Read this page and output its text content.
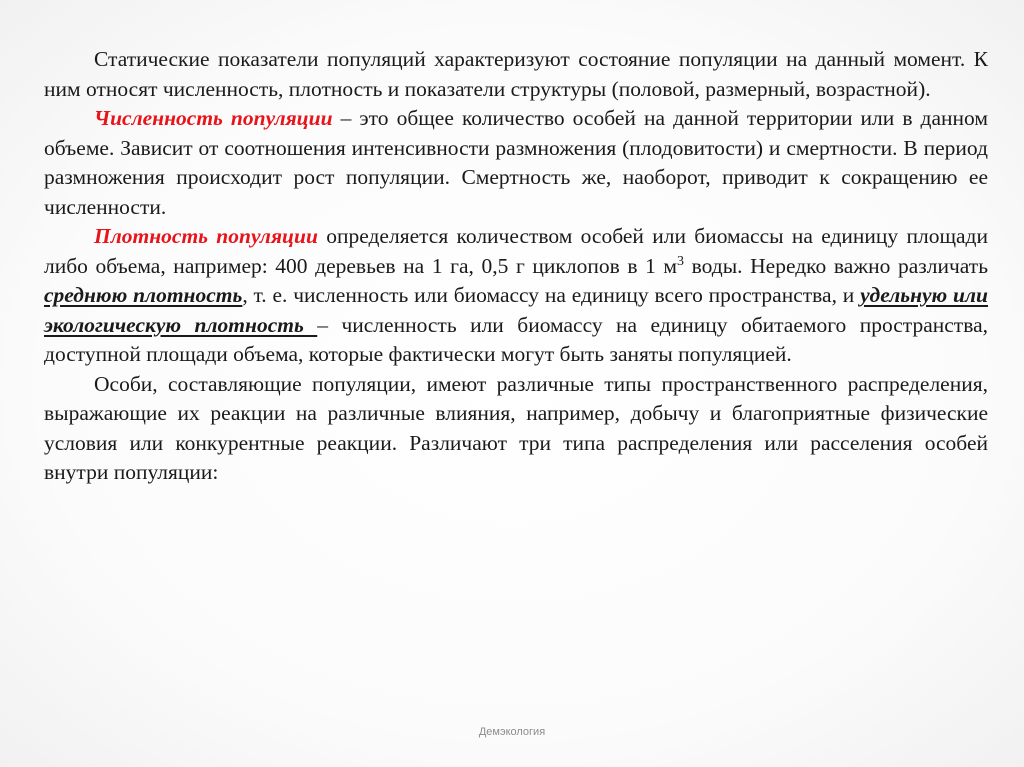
Статические показатели популяций характеризуют состояние популяции на данный момент. К ним относят численность, плотность и показатели структуры (половой, размерный, возрастной).

Численность популяции – это общее количество особей на данной территории или в данном объеме. Зависит от соотношения интенсивности размножения (плодовитости) и смертности. В период размножения происходит рост популяции. Смертность же, наоборот, приводит к сокращению ее численности.

Плотность популяции определяется количеством особей или биомассы на единицу площади либо объема, например: 400 деревьев на 1 га, 0,5 г циклопов в 1 $м^3$ воды. Нередко важно различать среднюю плотность, т. е. численность или биомассу на единицу всего пространства, и удельную или экологическую плотность – численность или биомассу на единицу обитаемого пространства, доступной площади объема, которые фактически могут быть заняты популяцией.

Особи, составляющие популяции, имеют различные типы пространственного распределения, выражающие их реакции на различные влияния, например, добычу и благоприятные физические условия или конкурентные реакции. Различают три типа распределения или расселения особей внутри популяции:

Демэкология
